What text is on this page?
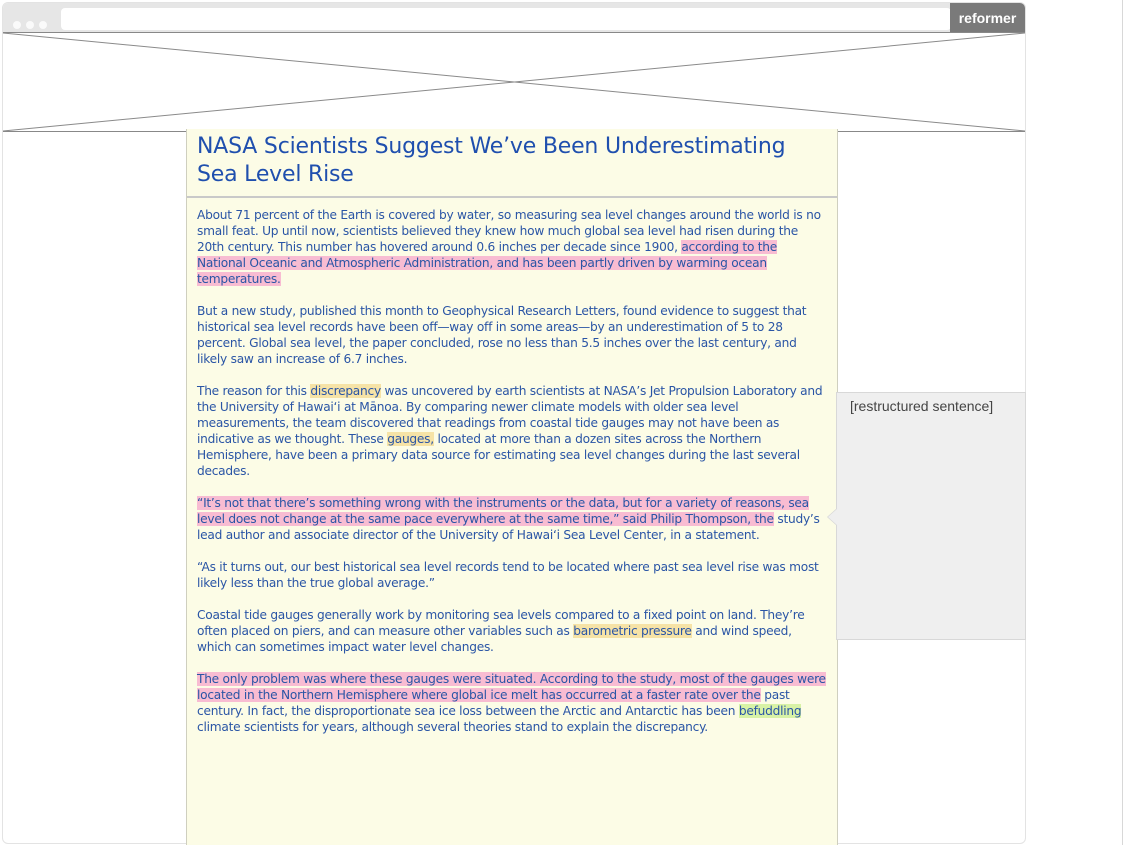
reformer
NASA Scientists Suggest We’ve Been Underestimating Sea Level Rise

About 71 percent of the Earth is covered by water, so measuring sea level changes around the world is no small feat. Up until now, scientists believed they knew how much global sea level had risen during the 20th century. This number has hovered around 0.6 inches per decade since 1900, according to the National Oceanic and Atmospheric Administration, and has been partly driven by warming ocean temperatures.

But a new study, published this month to Geophysical Research Letters, found evidence to suggest that historical sea level records have been off—way off in some areas—by an underestimation of 5 to 28 percent. Global sea level, the paper concluded, rose no less than 5.5 inches over the last century, and likely saw an increase of 6.7 inches.

The reason for this discrepancy was uncovered by earth scientists at NASA’s Jet Propulsion Laboratory and the University of Hawai‘i at Mānoa. By comparing newer climate models with older sea level measurements, the team discovered that readings from coastal tide gauges may not have been as indicative as we thought. These gauges, located at more than a dozen sites across the Northern Hemisphere, have been a primary data source for estimating sea level changes during the last several decades.

“It’s not that there’s something wrong with the instruments or the data, but for a variety of reasons, sea level does not change at the same pace everywhere at the same time,” said Philip Thompson, the study’s lead author and associate director of the University of Hawai‘i Sea Level Center, in a statement.

“As it turns out, our best historical sea level records tend to be located where past sea level rise was most likely less than the true global average.”

Coastal tide gauges generally work by monitoring sea levels compared to a fixed point on land. They’re often placed on piers, and can measure other variables such as barometric pressure and wind speed, which can sometimes impact water level changes.

The only problem was where these gauges were situated. According to the study, most of the gauges were located in the Northern Hemisphere where global ice melt has occurred at a faster rate over the past century. In fact, the disproportionate sea ice loss between the Arctic and Antarctic has been befuddling climate scientists for years, although several theories stand to explain the discrepancy.

[restructured sentence]
